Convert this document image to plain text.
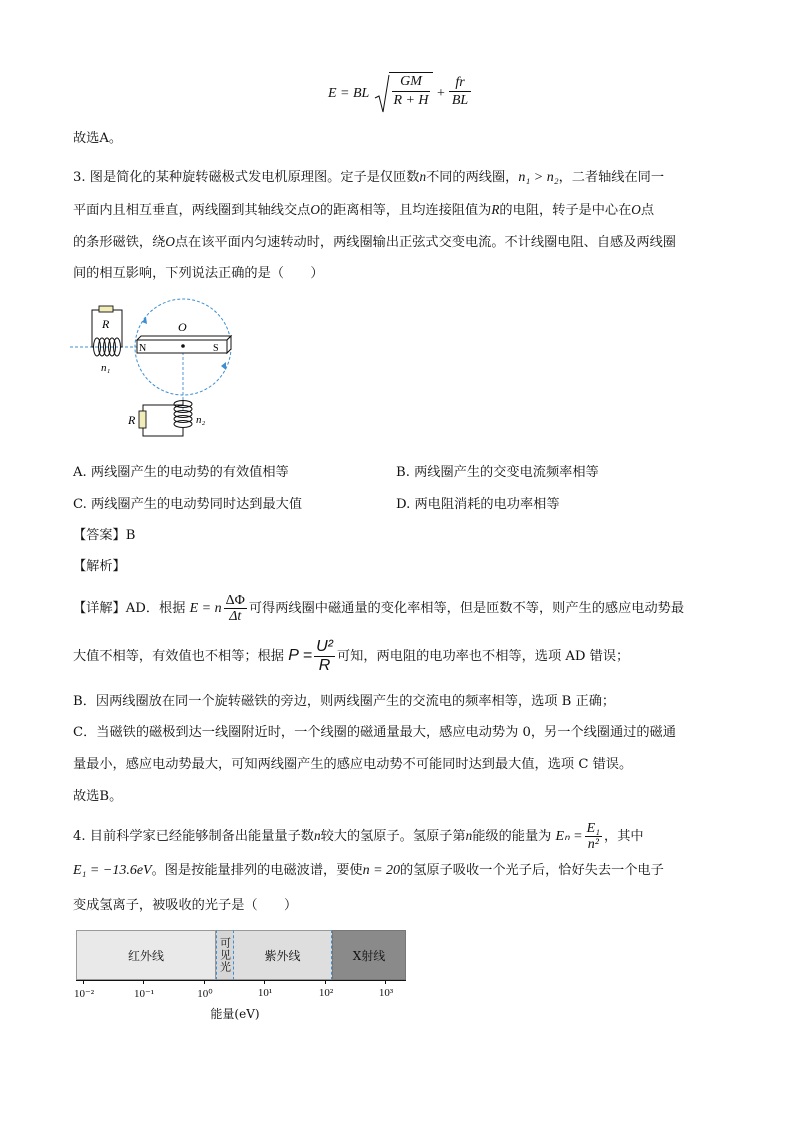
E = BL $\frac{GM}{R + H} + \frac{fr}{BL}$
故选A。
3. 图是简化的某种旋转磁极式发电机原理图。定子是仅匝数n不同的两线圈，n₁ > n₂，二者轴线在同一
平面内且相互垂直，两线圈到其轴线交点O的距离相等，且均连接阻值为R的电阻，转子是中心在O点
的条形磁铁，绕O点在该平面内匀速转动时，两线圈输出正弦式交变电流。不计线圈电阻、自感及两线圈
间的相互影响，下列说法正确的是（　　）
N	S
O
R
n₁
R	n₂
A. 两线圈产生的电动势的有效值相等	B. 两线圈产生的交变电流频率相等
C. 两线圈产生的电动势同时达到最大值	D. 两电阻消耗的电功率相等
【答案】B
【解析】
【详解】AD．根据 E = n $\frac{\Delta\Phi}{\Delta t}$ 可得两线圈中磁通量的变化率相等，但是匝数不等，则产生的感应电动势最
大值不相等，有效值也不相等；根据 $P = \frac{\text{U²}}{R}$ 可知，两电阻的电功率也不相等，选项 AD 错误；
B．因两线圈放在同一个旋转磁铁的旁边，则两线圈产生的交流电的频率相等，选项 B 正确；
C．当磁铁的磁极到达一线圈附近时，一个线圈的磁通量最大，感应电动势为 0，另一个线圈通过的磁通
量最小，感应电动势最大，可知两线圈产生的感应电动势不可能同时达到最大值，选项 C 错误。
故选B。
4. 目前科学家已经能够制备出能量量子数n较大的氢原子。氢原子第n能级的能量为 $E_n = \frac{\text{E₁}}{\text{n²}}$ ，其中
E₁ = −13.6eV。图是按能量排列的电磁波谱，要使n = 20的氢原子吸收一个光子后，恰好失去一个电子
变成氢离子，被吸收的光子是（　　）
红外线	可见光	紫外线	X射线
10⁻²	10⁻¹	10⁰	10¹	10²	10³
能量(eV)
